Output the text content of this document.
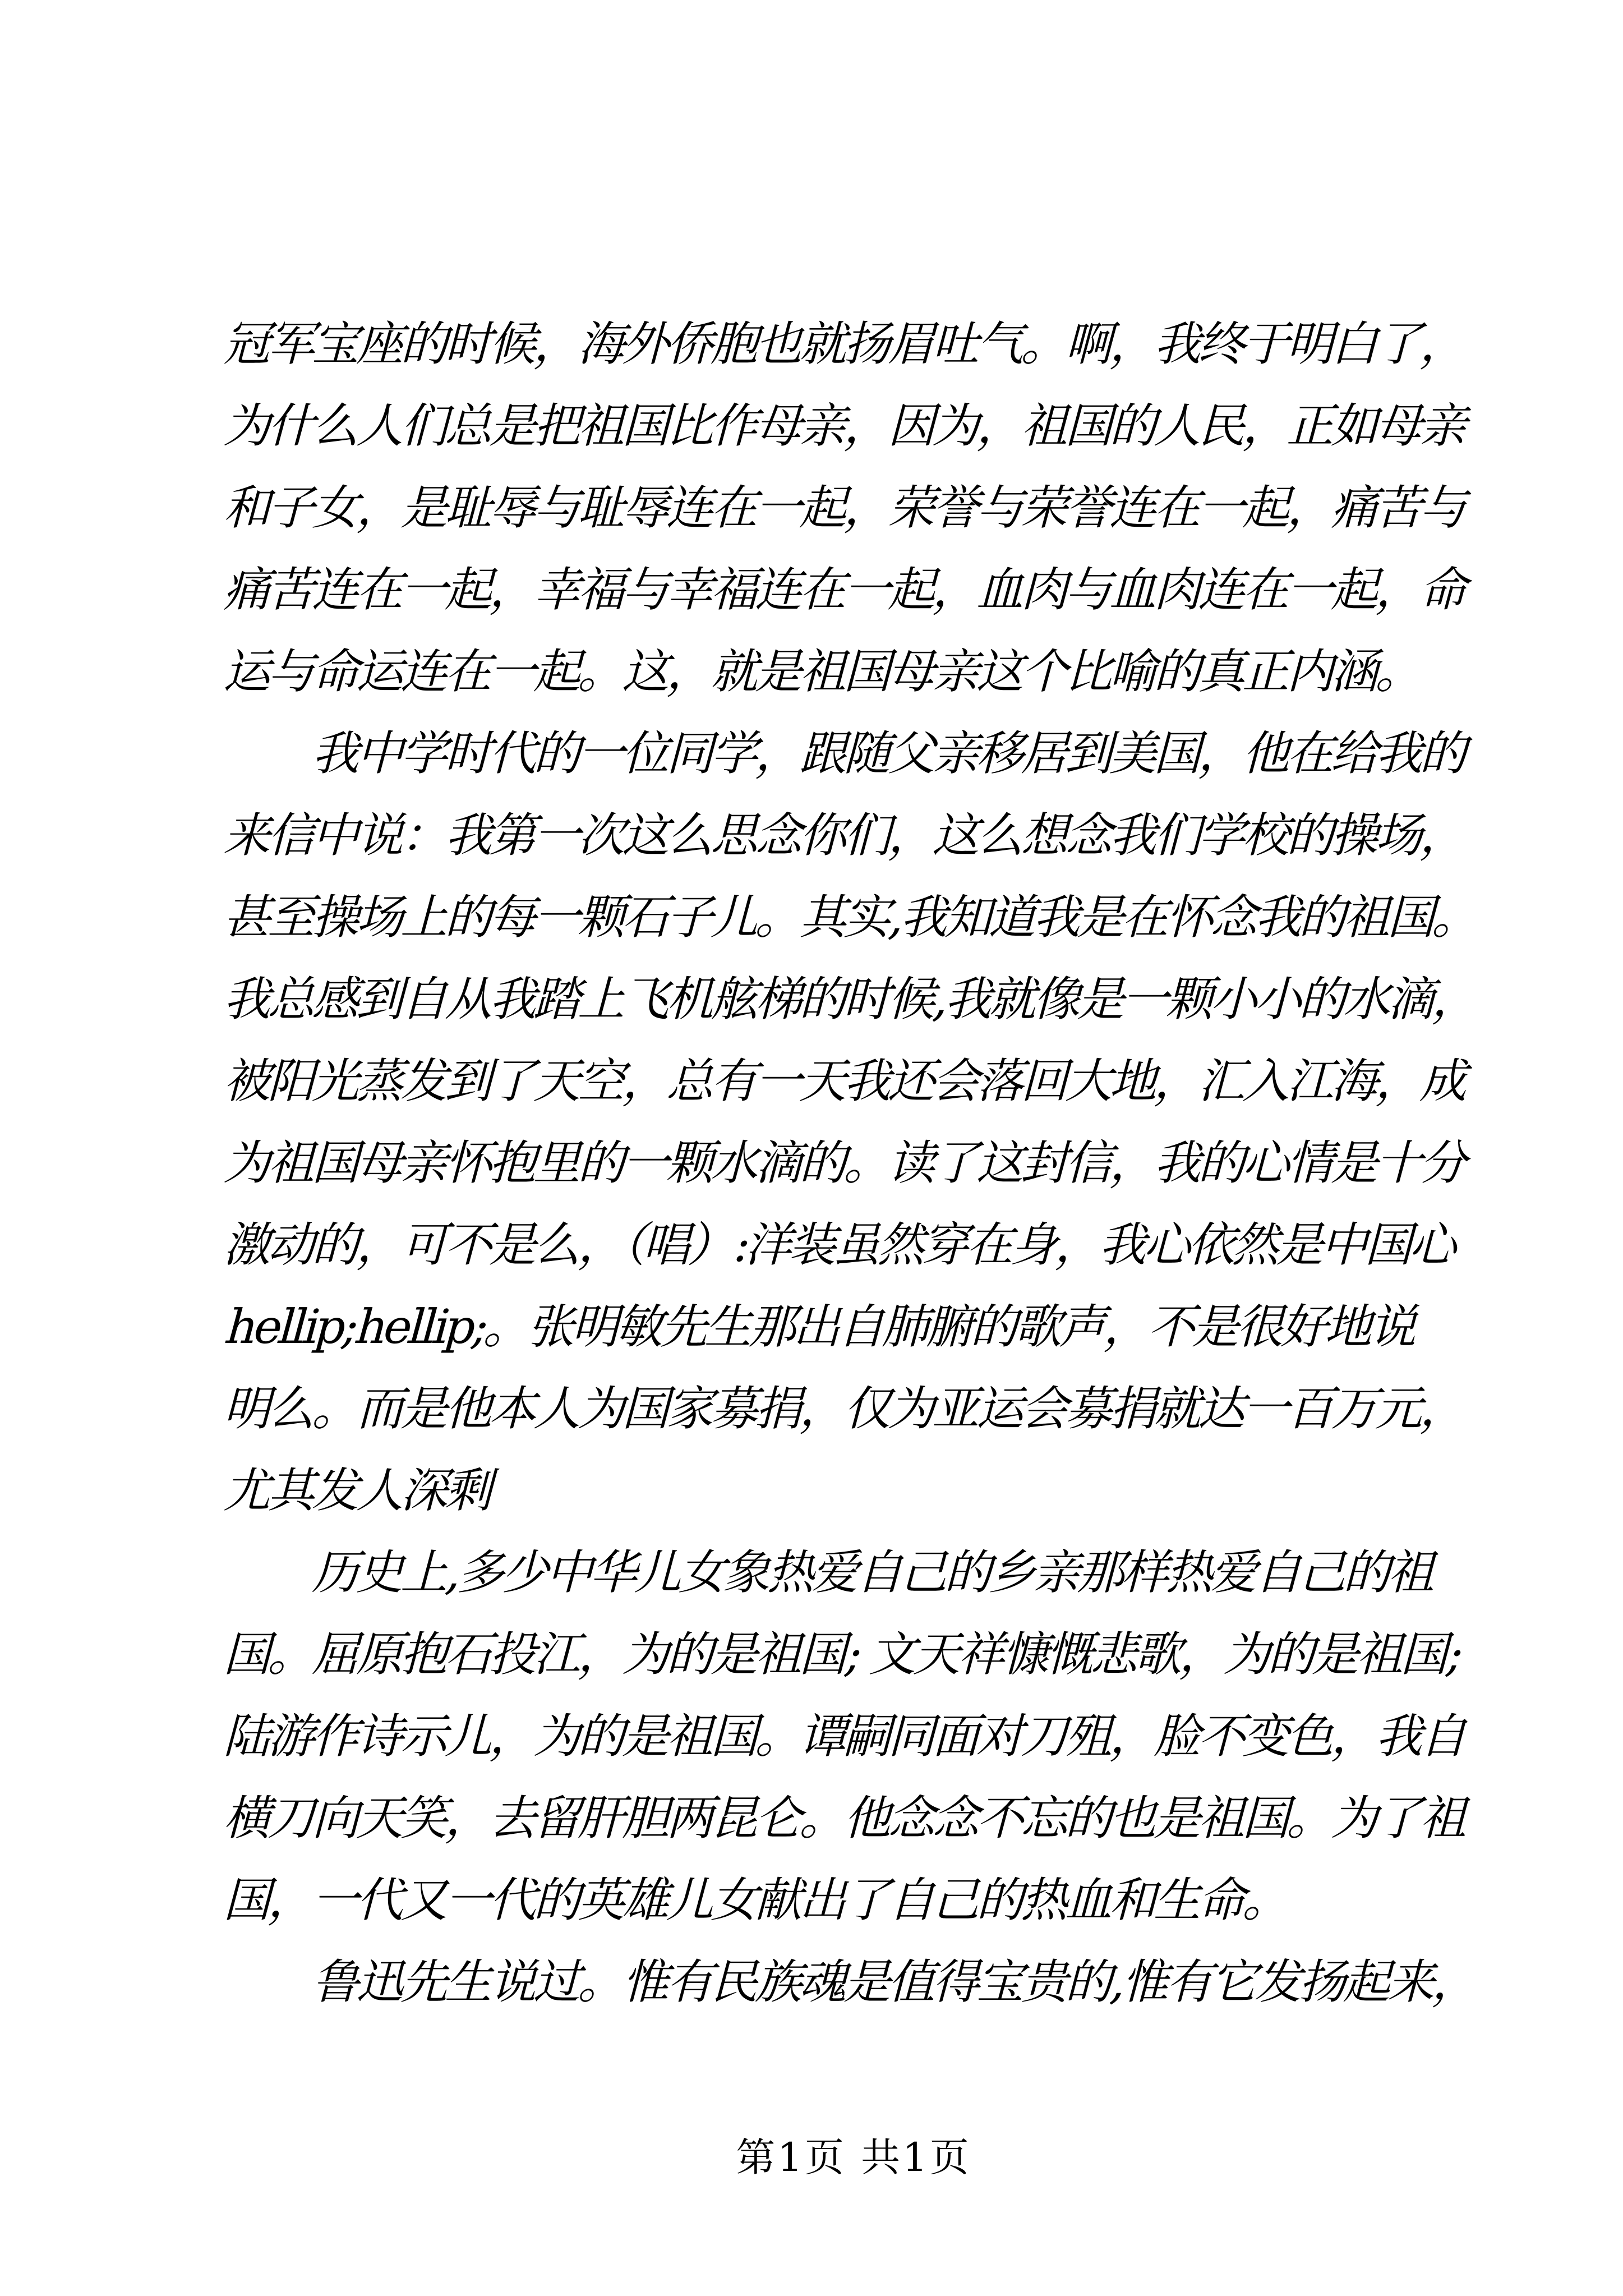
冠军宝座的时候，海外侨胞也就扬眉吐气。啊，我终于明白了，
为什么人们总是把祖国比作母亲，因为，祖国的人民，正如母亲
和子女，是耻辱与耻辱连在一起，荣誉与荣誉连在一起，痛苦与
痛苦连在一起，幸福与幸福连在一起，血肉与血肉连在一起，命
运与命运连在一起。这，就是祖国母亲这个比喻的真正内涵。
　　我中学时代的一位同学，跟随父亲移居到美国，他在给我的
来信中说：我第一次这么思念你们，这么想念我们学校的操场，
甚至操场上的每一颗石子儿。其实,我知道我是在怀念我的祖国。
我总感到自从我踏上飞机舷梯的时候,我就像是一颗小小的水滴，
被阳光蒸发到了天空，总有一天我还会落回大地，汇入江海，成
为祖国母亲怀抱里的一颗水滴的。读了这封信，我的心情是十分
激动的，可不是么，（唱）:洋装虽然穿在身，我心依然是中国心
hellip;hellip;。张明敏先生那出自肺腑的歌声，不是很好地说
明么。而是他本人为国家募捐，仅为亚运会募捐就达一百万元，
尤其发人深剩
　　历史上,多少中华儿女象热爱自己的乡亲那样热爱自己的祖
国。屈原抱石投江，为的是祖国; 文天祥慷慨悲歌，为的是祖国;
陆游作诗示儿，为的是祖国。谭嗣同面对刀殂，脸不变色，我自
横刀向天笑，去留肝胆两昆仑。他念念不忘的也是祖国。为了祖
国，一代又一代的英雄儿女献出了自己的热血和生命。
　　鲁迅先生说过。惟有民族魂是值得宝贵的,惟有它发扬起来，
第1页 共1页
